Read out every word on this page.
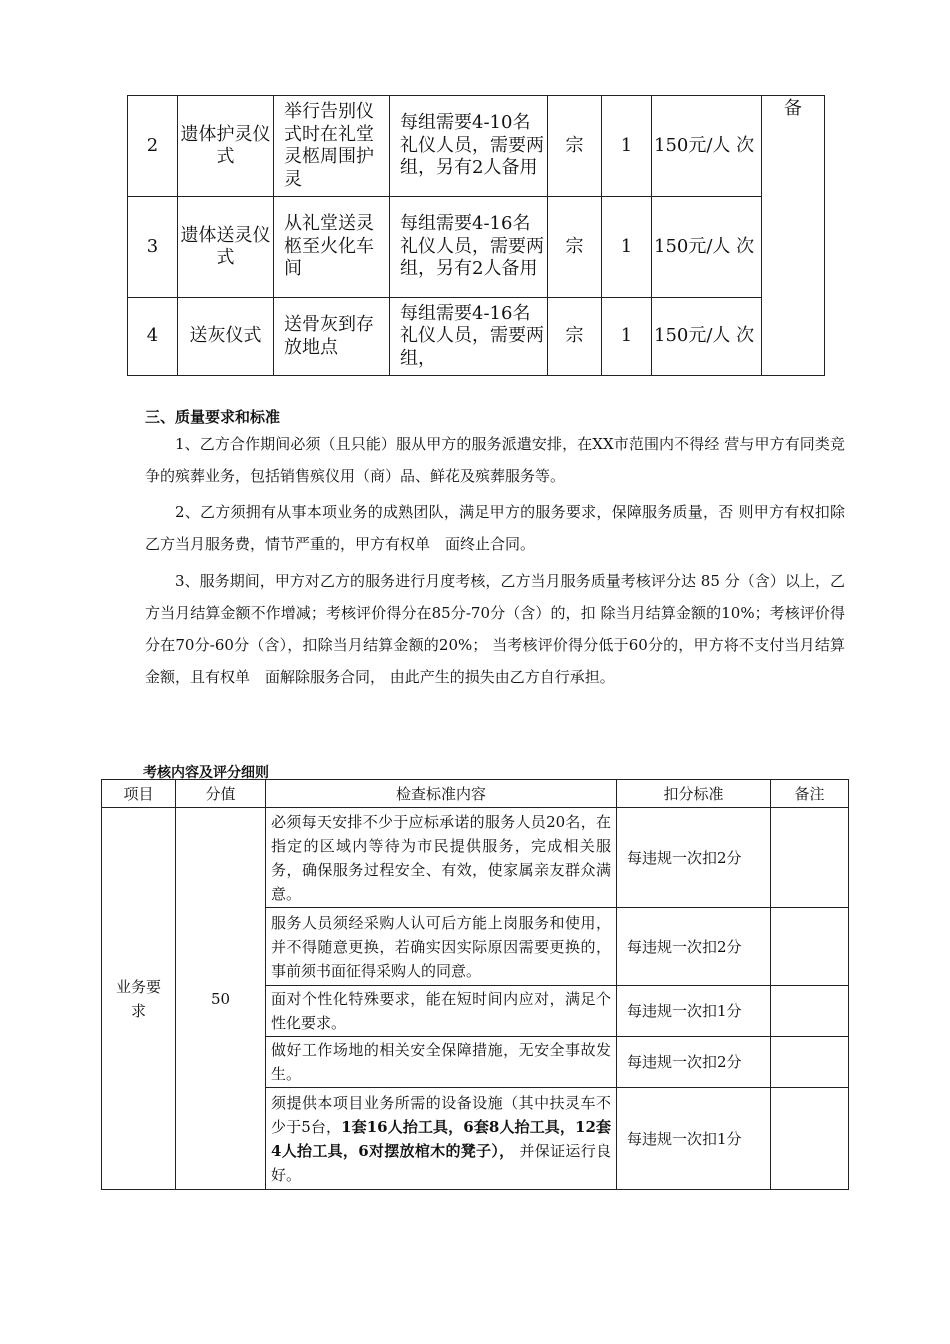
2	遗体护灵仪式	举行告别仪式时在礼堂灵柩周围护灵	每组需要4-10名礼仪人员，需要两组，另有2人备用	宗	1	150元/人 次	备
3	遗体送灵仪式	从礼堂送灵柩至火化车间	每组需要4-16名礼仪人员，需要两组，另有2人备用	宗	1	150元/人 次	
4	送灰仪式	送骨灰到存放地点	每组需要4-16名礼仪人员，需要两组，	宗	1	150元/人 次	
三、质量要求和标准

1、乙方合作期间必须（且只能）服从甲方的服务派遣安排，在XX市范围内不得经 营与甲方有同类竞争的殡葬业务，包括销售殡仪用（商）品、鲜花及殡葬服务等。

2、乙方须拥有从事本项业务的成熟团队，满足甲方的服务要求，保障服务质量，否 则甲方有权扣除乙方当月服务费，情节严重的，甲方有权单　面终止合同。

3、服务期间，甲方对乙方的服务进行月度考核，乙方当月服务质量考核评分达 85 分（含）以上，乙方当月结算金额不作增减；考核评价得分在85分-70分（含）的，扣 除当月结算金额的10%；考核评价得分在70分-60分（含），扣除当月结算金额的20%； 当考核评价得分低于60分的，甲方将不支付当月结算金额，且有权单　面解除服务合同， 由此产生的损失由乙方自行承担。

考核内容及评分细则
项目	分值	检查标准内容	扣分标准	备注

业务要求	50	必须每天安排不少于应标承诺的服务人员20名，在指定的区域内等待为市民提供服务，完成相关服务，确保服务过程安全、有效，使家属亲友群众满意。	每违规一次扣2分	
		服务人员须经采购人认可后方能上岗服务和使用，并不得随意更换，若确实因实际原因需要更换的，事前须书面征得采购人的同意。	每违规一次扣2分	
		面对个性化特殊要求，能在短时间内应对，满足个性化要求。	每违规一次扣1分	
		做好工作场地的相关安全保障措施，无安全事故发生。	每违规一次扣2分	
		须提供本项目业务所需的设备设施（其中扶灵车不少于5台，1套16人抬工具，6套8人抬工具，12套4人抬工具，6对摆放棺木的凳子）， 并保证运行良好。	每违规一次扣1分	
